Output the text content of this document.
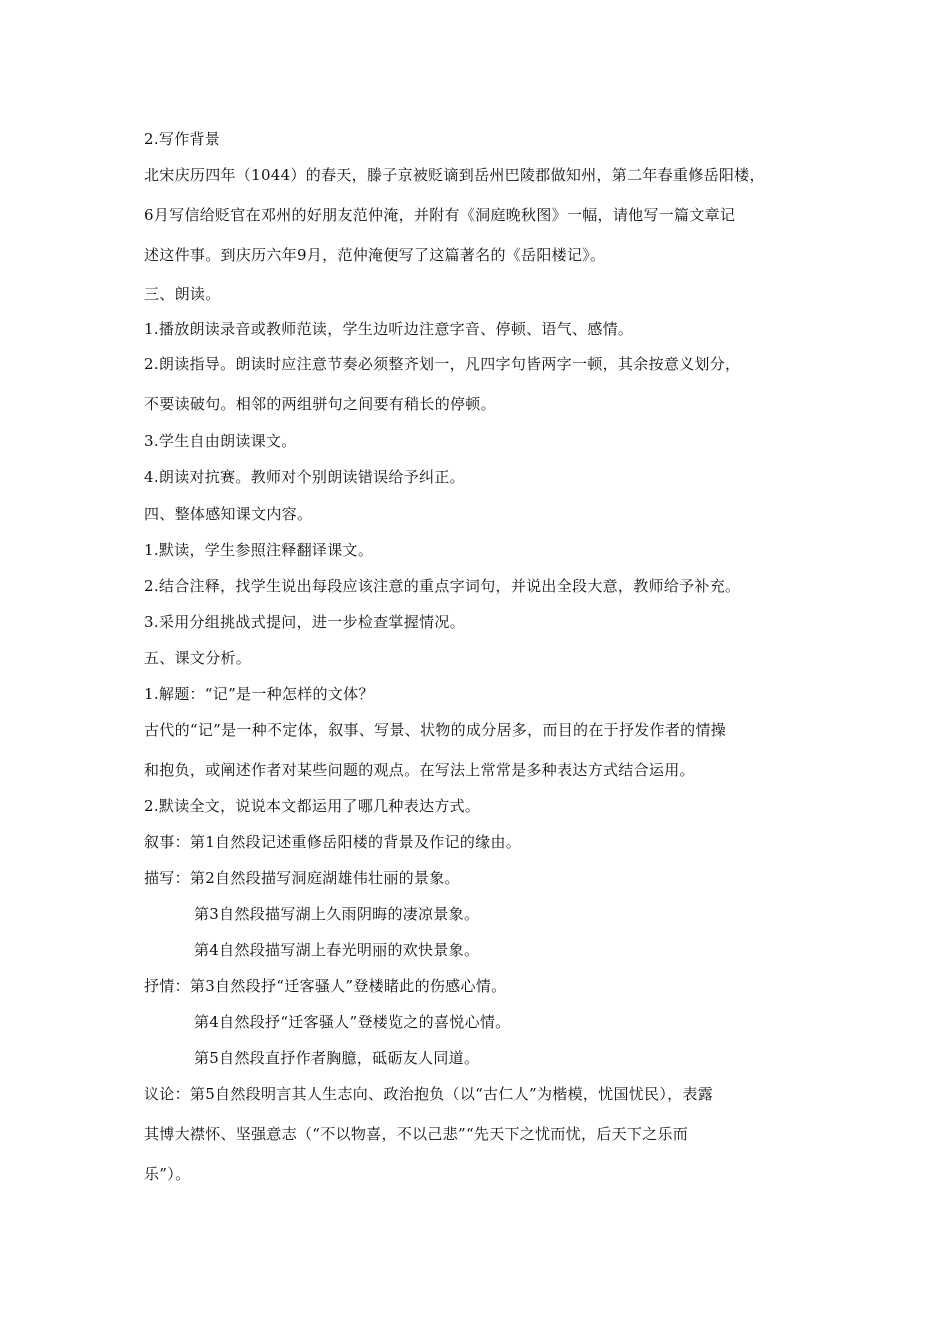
2.写作背景
北宋庆历四年（1044）的春天，滕子京被贬谪到岳州巴陵郡做知州，第二年春重修岳阳楼，
6月写信给贬官在邓州的好朋友范仲淹，并附有《洞庭晚秋图》一幅，请他写一篇文章记
述这件事。到庆历六年9月，范仲淹便写了这篇著名的《岳阳楼记》。
三、朗读。
1.播放朗读录音或教师范读，学生边听边注意字音、停顿、语气、感情。
2.朗读指导。朗读时应注意节奏必须整齐划一，凡四字句皆两字一顿，其余按意义划分，
不要读破句。相邻的两组骈句之间要有稍长的停顿。
3.学生自由朗读课文。
4.朗读对抗赛。教师对个别朗读错误给予纠正。
四、整体感知课文内容。
1.默读，学生参照注释翻译课文。
2.结合注释，找学生说出每段应该注意的重点字词句，并说出全段大意，教师给予补充。
3.采用分组挑战式提问，进一步检查掌握情况。
五、课文分析。
1.解题：“记”是一种怎样的文体？
古代的“记”是一种不定体，叙事、写景、状物的成分居多，而目的在于抒发作者的情操
和抱负，或阐述作者对某些问题的观点。在写法上常常是多种表达方式结合运用。
2.默读全文，说说本文都运用了哪几种表达方式。
叙事：第1自然段记述重修岳阳楼的背景及作记的缘由。
描写：第2自然段描写洞庭湖雄伟壮丽的景象。
第3自然段描写湖上久雨阴晦的凄凉景象。
第4自然段描写湖上春光明丽的欢快景象。
抒情：第3自然段抒“迁客骚人”登楼睹此的伤感心情。
第4自然段抒“迁客骚人”登楼览之的喜悦心情。
第5自然段直抒作者胸臆，砥砺友人同道。
议论：第5自然段明言其人生志向、政治抱负（以“古仁人”为楷模，忧国忧民），表露
其博大襟怀、坚强意志（“不以物喜，不以己悲”“先天下之忧而忧，后天下之乐而
乐”）。
